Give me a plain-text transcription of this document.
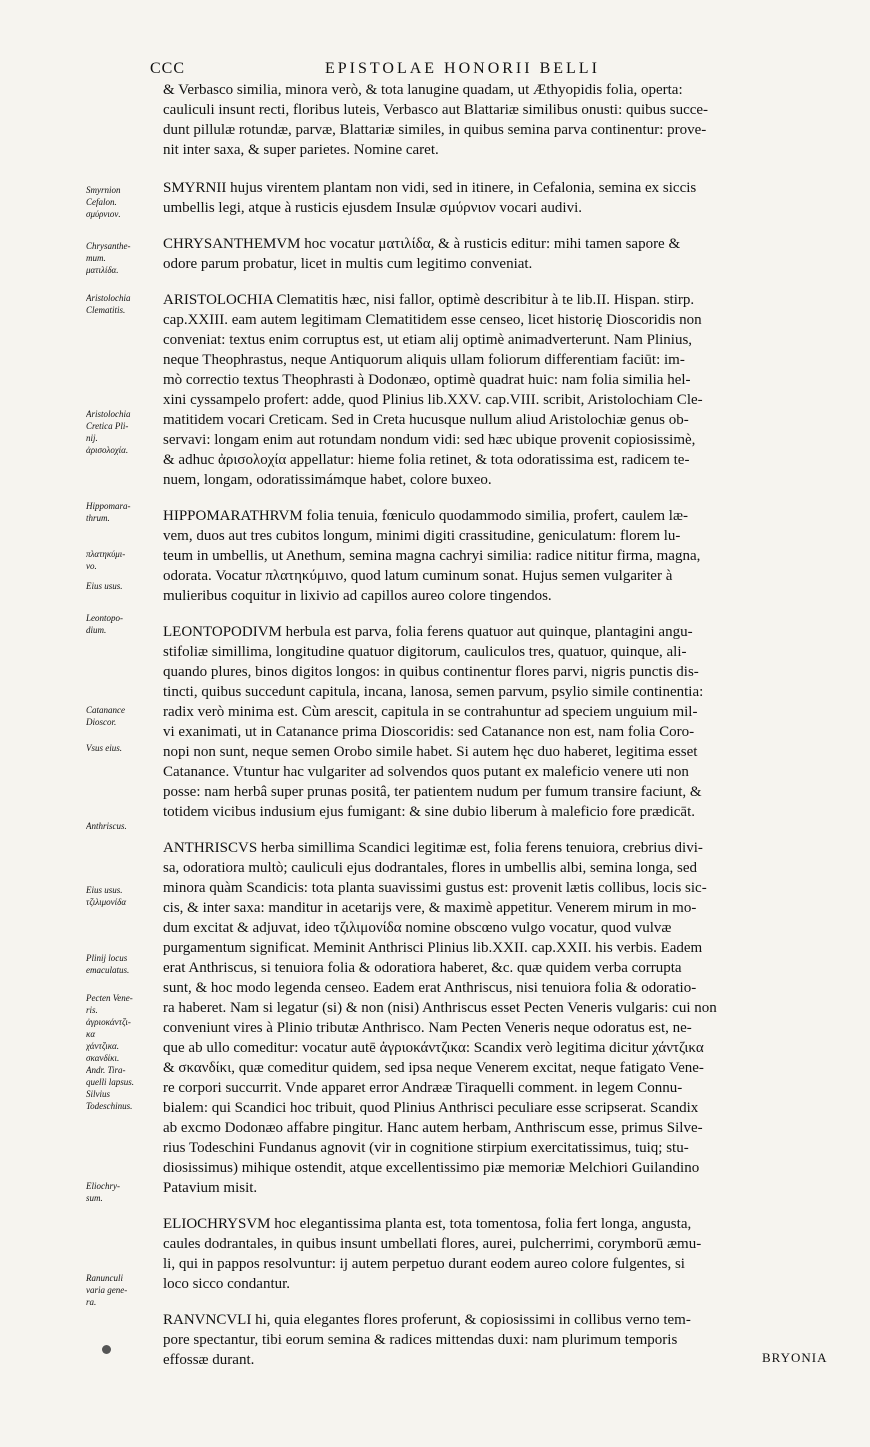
CCC	EPISTOLAE HONORII BELLI
& Verbasco similia, minora verò, & tota lanugine quadam, ut Æthyopidis folia, operta:
cauliculi insunt recti, floribus luteis, Verbasco aut Blattariæ similibus onusti: quibus succe-
dunt pillulæ rotundæ, parvæ, Blattariæ similes, in quibus semina parva continentur: prove-
nit inter saxa, & super parietes. Nomine caret.
SMYRNII hujus virentem plantam non vidi, sed in itinere, in Cefalonia, semina ex siccis
umbellis legi, atque à rusticis ejusdem Insulæ σμύρνιον vocari audivi.
CHRYSANTHEMVM hoc vocatur ματιλίδα, & à rusticis editur: mihi tamen sapore &
odore parum probatur, licet in multis cum legitimo conveniat.
ARISTOLOCHIA Clematitis hæc, nisi fallor, optimè describitur à te lib.II. Hispan. stirp.
cap.XXIII. eam autem legitimam Clematitidem esse censeo, licet historię Dioscoridis non
conveniat: textus enim corruptus est, ut etiam alij optimè animadverterunt. Nam Plinius,
neque Theophrastus, neque Antiquorum aliquis ullam foliorum differentiam faciūt: im-
mò correctio textus Theophrasti à Dodonæo, optimè quadrat huic: nam folia similia hel-
xini cyssampelo profert: adde, quod Plinius lib.XXV. cap.VIII. scribit, Aristolochiam Cle-
matitidem vocari Creticam. Sed in Creta hucusque nullum aliud Aristolochiæ genus ob-
servavi: longam enim aut rotundam nondum vidi: sed hæc ubique provenit copiosissimè,
& adhuc ἀρισολοχία appellatur: hieme folia retinet, & tota odoratissima est, radicem te-
nuem, longam, odoratissimámque habet, colore buxeo.
HIPPOMARATHRVM folia tenuia, fœniculo quodammodo similia, profert, caulem læ-
vem, duos aut tres cubitos longum, minimi digiti crassitudine, geniculatum: florem lu-
teum in umbellis, ut Anethum, semina magna cachryi similia: radice nititur firma, magna,
odorata. Vocatur πλατηκύμινο, quod latum cuminum sonat. Hujus semen vulgariter à
mulieribus coquitur in lixivio ad capillos aureo colore tingendos.
LEONTOPODIVM herbula est parva, folia ferens quatuor aut quinque, plantagini angu-
stifoliæ simillima, longitudine quatuor digitorum, cauliculos tres, quatuor, quinque, ali-
quando plures, binos digitos longos: in quibus continentur flores parvi, nigris punctis dis-
tincti, quibus succedunt capitula, incana, lanosa, semen parvum, psylio simile continentia:
radix verò minima est. Cùm arescit, capitula in se contrahuntur ad speciem unguium mil-
vi exanimati, ut in Catanance prima Dioscoridis: sed Catanance non est, nam folia Coro-
nopi non sunt, neque semen Orobo simile habet. Si autem hęc duo haberet, legitima esset
Catanance. Vtuntur hac vulgariter ad solvendos quos putant ex maleficio venere uti non
posse: nam herbâ super prunas positâ, ter patientem nudum per fumum transire faciunt, &
totidem vicibus indusium ejus fumigant: & sine dubio liberum à maleficio fore prædicāt.
ANTHRISCVS herba simillima Scandici legitimæ est, folia ferens tenuiora, crebrius divi-
sa, odoratiora multò; cauliculi ejus dodrantales, flores in umbellis albi, semina longa, sed
minora quàm Scandicis: tota planta suavissimi gustus est: provenit lætis collibus, locis sic-
cis, & inter saxa: manditur in acetarijs vere, & maximè appetitur. Venerem mirum in mo-
dum excitat & adjuvat, ideo τζιλιμονίδα nomine obscœno vulgo vocatur, quod vulvæ
purgamentum significat. Meminit Anthrisci Plinius lib.XXII. cap.XXII. his verbis. Eadem
erat Anthriscus, si tenuiora folia & odoratiora haberet, &c. quæ quidem verba corrupta
sunt, & hoc modo legenda censeo. Eadem erat Anthriscus, nisi tenuiora folia & odoratio-
ra haberet. Nam si legatur (si) & non (nisi) Anthriscus esset Pecten Veneris vulgaris: cui non
conveniunt vires à Plinio tributæ Anthrisco. Nam Pecten Veneris neque odoratus est, ne-
que ab ullo comeditur: vocatur autē ἀγριοκάντζικα: Scandix verò legitima dicitur χάντζικα
& σκανδίκι, quæ comeditur quidem, sed ipsa neque Venerem excitat, neque fatigato Vene-
re corpori succurrit. Vnde apparet error Andrææ Tiraquelli comment. in legem Connu-
bialem: qui Scandici hoc tribuit, quod Plinius Anthrisci peculiare esse scripserat. Scandix
ab excmo Dodonæo affabre pingitur. Hanc autem herbam, Anthriscum esse, primus Silve-
rius Todeschini Fundanus agnovit (vir in cognitione stirpium exercitatissimus, tuiq; stu-
diosissimus) mihique ostendit, atque excellentissimo piæ memoriæ Melchiori Guilandino
Patavium misit.
ELIOCHRYSVM hoc elegantissima planta est, tota tomentosa, folia fert longa, angusta,
caules dodrantales, in quibus insunt umbellati flores, aurei, pulcherrimi, corymborū æmu-
li, qui in pappos resolvuntur: ij autem perpetuo durant eodem aureo colore fulgentes, si
loco sicco condantur.
RANVNCVLI hi, quia elegantes flores proferunt, & copiosissimi in collibus verno tem-
pore spectantur, tibi eorum semina & radices mittendas duxi: nam plurimum temporis
effossæ durant.
Smyrnion
Cefalon.
σμύρνιον.
Chrysanthe-
mum.
ματιλίδα.
Aristolochia
Clematitis.
Aristolochia
Cretica Pli-
nij.
ἀρισολοχία.
Hippomara-
thrum.
πλατηκύμι-
νο.
Eius usus.
Leontopo-
dium.
Catanance
Dioscor.
Vsus eius.
Anthriscus.
Eius usus.
τζιλιμονίδα
Plinij locus
emaculatus.
Pecten Vene-
ris.
ἀγριοκάντζι-
κα
χάντζικα.
σκανδίκι.
Andr. Tira-
quelli lapsus.
Silvius
Todeschinus.
Eliochry-
sum.
Ranunculi
varia gene-
ra.
BRYONIA
